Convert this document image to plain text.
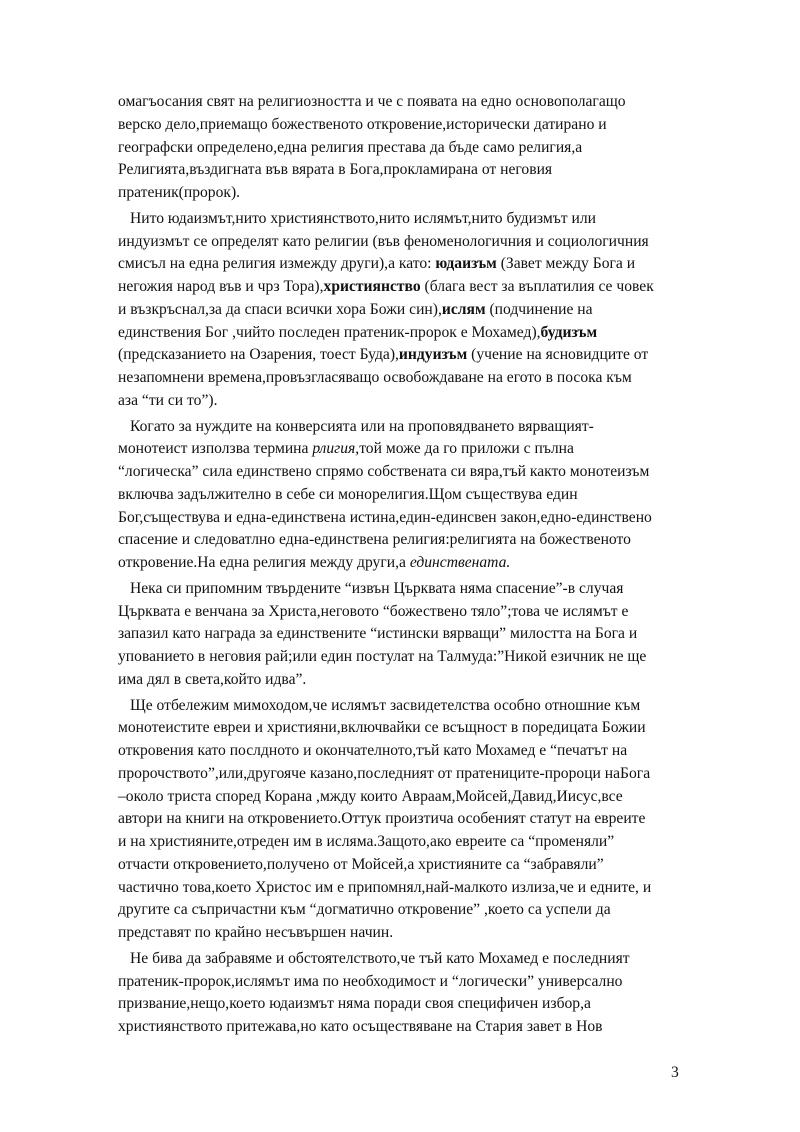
омагъосания свят на религиозността и че с появата на едно основополагащо
верско дело,приемащо божественото откровение,исторически датирано и
географски определено,една религия престава да бъде само религия,а
Религията,въздигната във вярата в Бога,прокламирана от неговия
пратеник(пророк).
Нито юдаизмът,нито християнството,нито ислямът,нито будизмът или
индуизмът се определят като религии (във феноменологичния и социологичния
смисъл на една религия измежду други),а като: юдаизъм (Завет между Бога и
негожия народ във и чрз Тора),християнство (блага вест за въплатилия се човек
и възкръснал,за да спаси всички хора Божи син),ислям (подчинение на
единствения Бог ,чийто последен пратеник-пророк е Мохамед),будизъм
(предсказанието на Озарения, тоест Буда),индуизъм (учение на ясновидците от
незапомнени времена,провъзгласяващо освобождаване на егото в посока към
аза “ти си то”).
Когато за нуждите на конверсията или на проповядването вярващият-
монотеист използва термина рлигия,той може да го приложи с пълна
“логическа” сила единствено спрямо собствената си вяра,тъй както монотеизъм
включва задължително в себе си монорелигия.Щом съществува един
Бог,съществува и една-единствена истина,един-единсвен закон,едно-единствено
спасение и следоватлно една-единствена религия:религията на божественото
откровение.На една религия между други,а единствената.
Нека си припомним твърдените “извън Църквата няма спасение”-в случая
Църквата е венчана за Христа,неговото “божествено тяло”;това че ислямът е
запазил като награда за единствените “истински вярващи” милостта на Бога и
упованието в неговия рай;или един постулат на Талмуда:”Никой езичник не ще
има дял в света,който идва”.
Ще отбележим мимоходом,че ислямът засвидетелства особно отношние към
монотеистите евреи и християни,включвайки се всъщност в поредицата Божии
откровения като послдното и окончателното,тъй като Мохамед е “печатът на
пророчството”,или,другояче казано,последният от пратениците-пророци наБога
–около триста според Корана ,мжду които Авраам,Мойсей,Давид,Иисус,все
автори на книги на откровението.Оттук произтича особеният статут на евреите
и на християните,отреден им в исляма.Защото,ако евреите са “променяли”
отчасти откровението,получено от Мойсей,а християните са “забравяли”
частично това,което Христос им е припомнял,най-малкото излиза,че и едните, и
другите са съпричастни към “догматично откровение” ,което са успели да
представят по крайно несъвършен начин.
Не бива да забравяме и обстоятелството,че тъй като Мохамед е последният
пратеник-пророк,ислямът има по необходимост и “логически” универсално
призвание,нещо,което юдаизмът няма поради своя специфичен избор,а
християнството притежава,но като осъществяване на Стария завет в Нов
3
